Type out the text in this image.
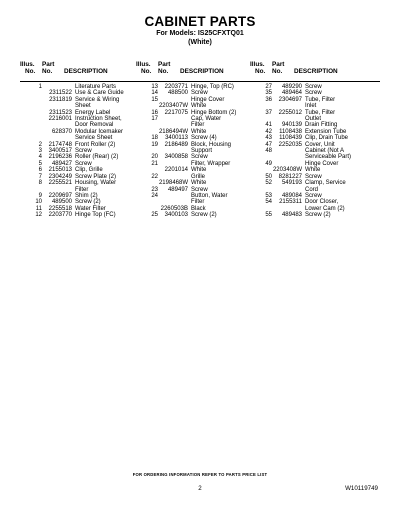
CABINET PARTS
For Models: IS25CFXTQ01
(White)
Illus.
No.
Part
No. DESCRIPTION
1	Literature Parts
2311522 Use & Care Guide
2311819 Service & Wiring
Sheet
2311523 Energy Label
2216001 Instruction Sheet,
Door Removal
628370 Modular Icemaker
Service Sheet
2	2174748 Front Roller (2)
3	3400517 Screw
4	2196236 Roller (Rear) (2)
5	489427 Screw
6	2155013 Clip, Grille
7	2304249 Screw Plate (2)
8	2255521 Housing, Water
Filter
9	2209697 Shim (2)
10	489500 Screw (2)
11	2255518 Water Filter
12	2203770 Hinge Top (FC)
Illus.
No.
Part
No. DESCRIPTION
13	2203771 Hinge, Top (RC)
14	488500 Screw
15	Hinge Cover
2203407W White
16	2217075 Hinge Bottom (2)
17	Cap, Water
Filter
2186494W White
18	3400113 Screw (4)
19	2186489 Block, Housing
Support
20	3400858 Screw
21	Filter, Wrapper
2201014 White
22	Grille
2198468W White
23	489497 Screw
24	Button, Water
Filter
2260503B Black
25	3400103 Screw (2)
Illus.
No.
Part
No. DESCRIPTION
27	489290 Screw
35	489464 Screw
36	2304697 Tube, Filter
Inlet
37	2255012 Tube, Filter
Outlet
41	940139 Drain Fitting
42	1108438 Extension Tube
43	1108439 Clip, Drain Tube
47	2252035 Cover, Unit
48	Cabinet (Not A
Serviceable Part)
49	Hinge Cover
2203408W White
50	8281227 Screw
52	549193 Clamp, Service
Cord
53	489084 Screw
54	2155311 Door Closer,
Lower Cam (2)
55	489483 Screw (2)
FOR ORDERING INFORMATION REFER TO PARTS PRICE LIST
2	W10119749
